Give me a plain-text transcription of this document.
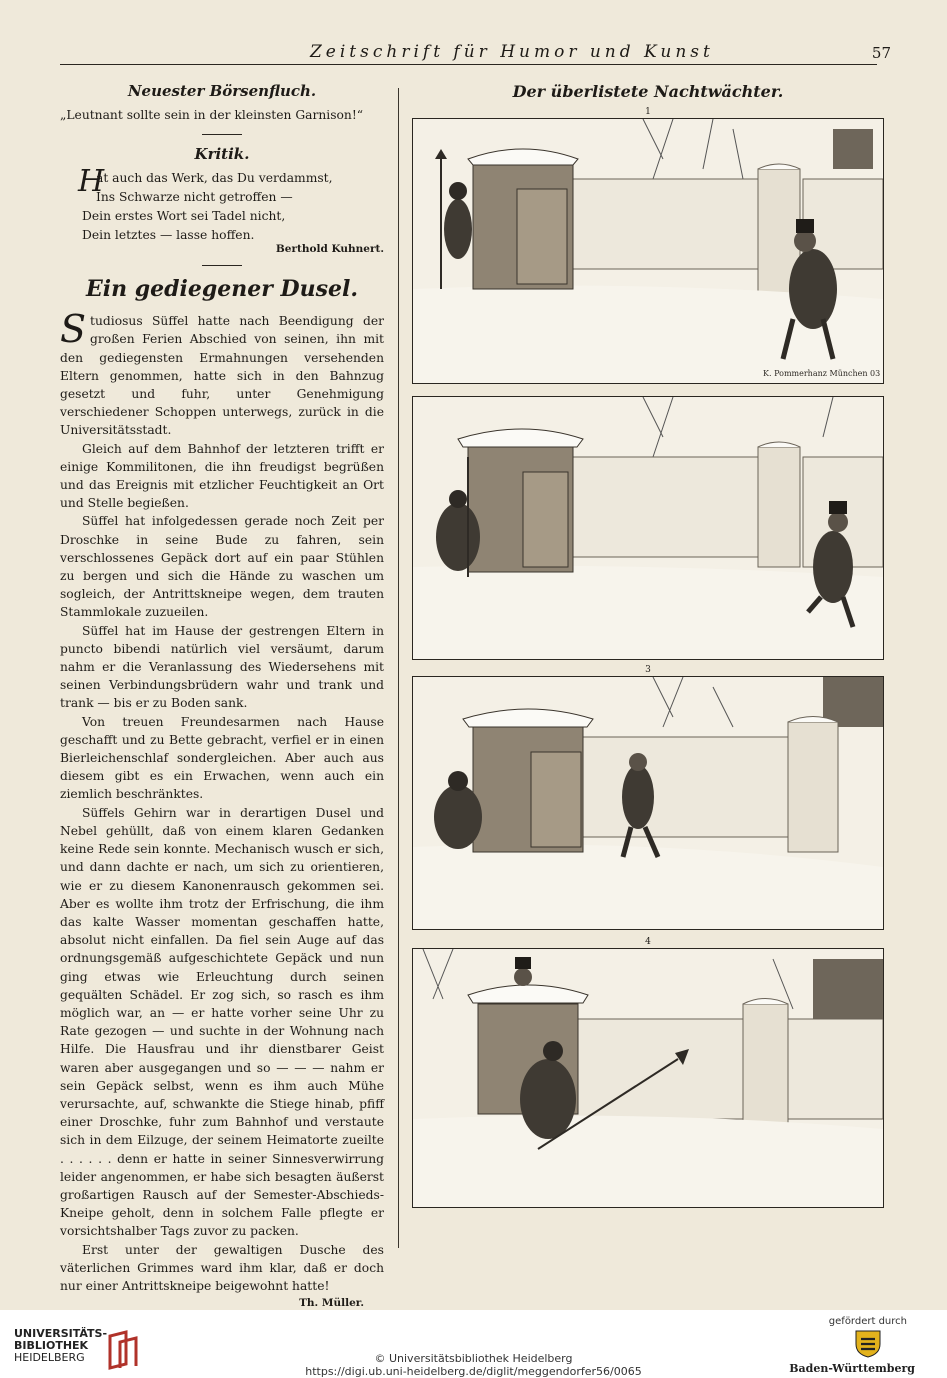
Zeitschrift für Humor und Kunst	57
Neuester Börsenfluch.

„Leutnant sollte sein in der kleinsten Garnison!“

Kritik.
H
at auch das Werk, das Du verdammst,
Ins Schwarze nicht getroffen —
Dein erstes Wort sei Tadel nicht,
Dein letztes — lasse hoffen.
Berthold Kuhnert.
Ein gediegener Dusel.

Studiosus Süffel hatte nach Beendigung der großen Ferien Abschied von seinen, ihn mit den gediegensten Ermahnungen versehenden Eltern genommen, hatte sich in den Bahnzug gesetzt und fuhr, unter Genehmigung verschiedener Schoppen unterwegs, zurück in die Universitätsstadt.

Gleich auf dem Bahnhof der letzteren trifft er einige Kommilitonen, die ihn freudigst begrüßen und das Ereignis mit etzlicher Feuchtigkeit an Ort und Stelle begießen.

Süffel hat infolgedessen gerade noch Zeit per Droschke in seine Bude zu fahren, sein verschlossenes Gepäck dort auf ein paar Stühlen zu bergen und sich die Hände zu waschen um sogleich, der Antrittskneipe wegen, dem trauten Stammlokale zuzueilen.

Süffel hat im Hause der gestrengen Eltern in puncto bibendi natürlich viel versäumt, darum nahm er die Veranlassung des Wiedersehens mit seinen Verbindungsbrüdern wahr und trank und trank — bis er zu Boden sank.

Von treuen Freundesarmen nach Hause geschafft und zu Bette gebracht, verfiel er in einen Bierleichenschlaf sondergleichen. Aber auch aus diesem gibt es ein Erwachen, wenn auch ein ziemlich beschränktes.

Süffels Gehirn war in derartigen Dusel und Nebel gehüllt, daß von einem klaren Gedanken keine Rede sein konnte. Mechanisch wusch er sich, und dann dachte er nach, um sich zu orientieren, wie er zu diesem Kanonenrausch gekommen sei. Aber es wollte ihm trotz der Erfrischung, die ihm das kalte Wasser momentan geschaffen hatte, absolut nicht einfallen. Da fiel sein Auge auf das ordnungsgemäß aufgeschichtete Gepäck und nun ging etwas wie Erleuchtung durch seinen gequälten Schädel. Er zog sich, so rasch es ihm möglich war, an — er hatte vorher seine Uhr zu Rate gezogen — und suchte in der Wohnung nach Hilfe. Die Hausfrau und ihr dienstbarer Geist waren aber ausgegangen und so — — — nahm er sein Gepäck selbst, wenn es ihm auch Mühe verursachte, auf, schwankte die Stiege hinab, pfiff einer Droschke, fuhr zum Bahnhof und verstaute sich in dem Eilzuge, der seinem Heimatorte zueilte . . . . . . denn er hatte in seiner Sinnesverwirrung leider angenommen, er habe sich besagten äußerst großartigen Rausch auf der Semester-Abschieds-Kneipe geholt, denn in solchem Falle pflegte er vorsichtshalber Tags zuvor zu packen.

Erst unter der gewaltigen Dusche des väterlichen Grimmes ward ihm klar, daß er doch nur einer Antrittskneipe beigewohnt hatte!

Th. Müller.
Der überlistete Nachtwächter.
1
K. Pommerhanz München 03
3
4
UNIVERSITÄTS-
BIBLIOTHEK
HEIDELBERG	© Universitätsbibliothek Heidelberg
https://digi.ub.uni-heidelberg.de/diglit/meggendorfer56/0065
gefördert durch
Baden-Württemberg
